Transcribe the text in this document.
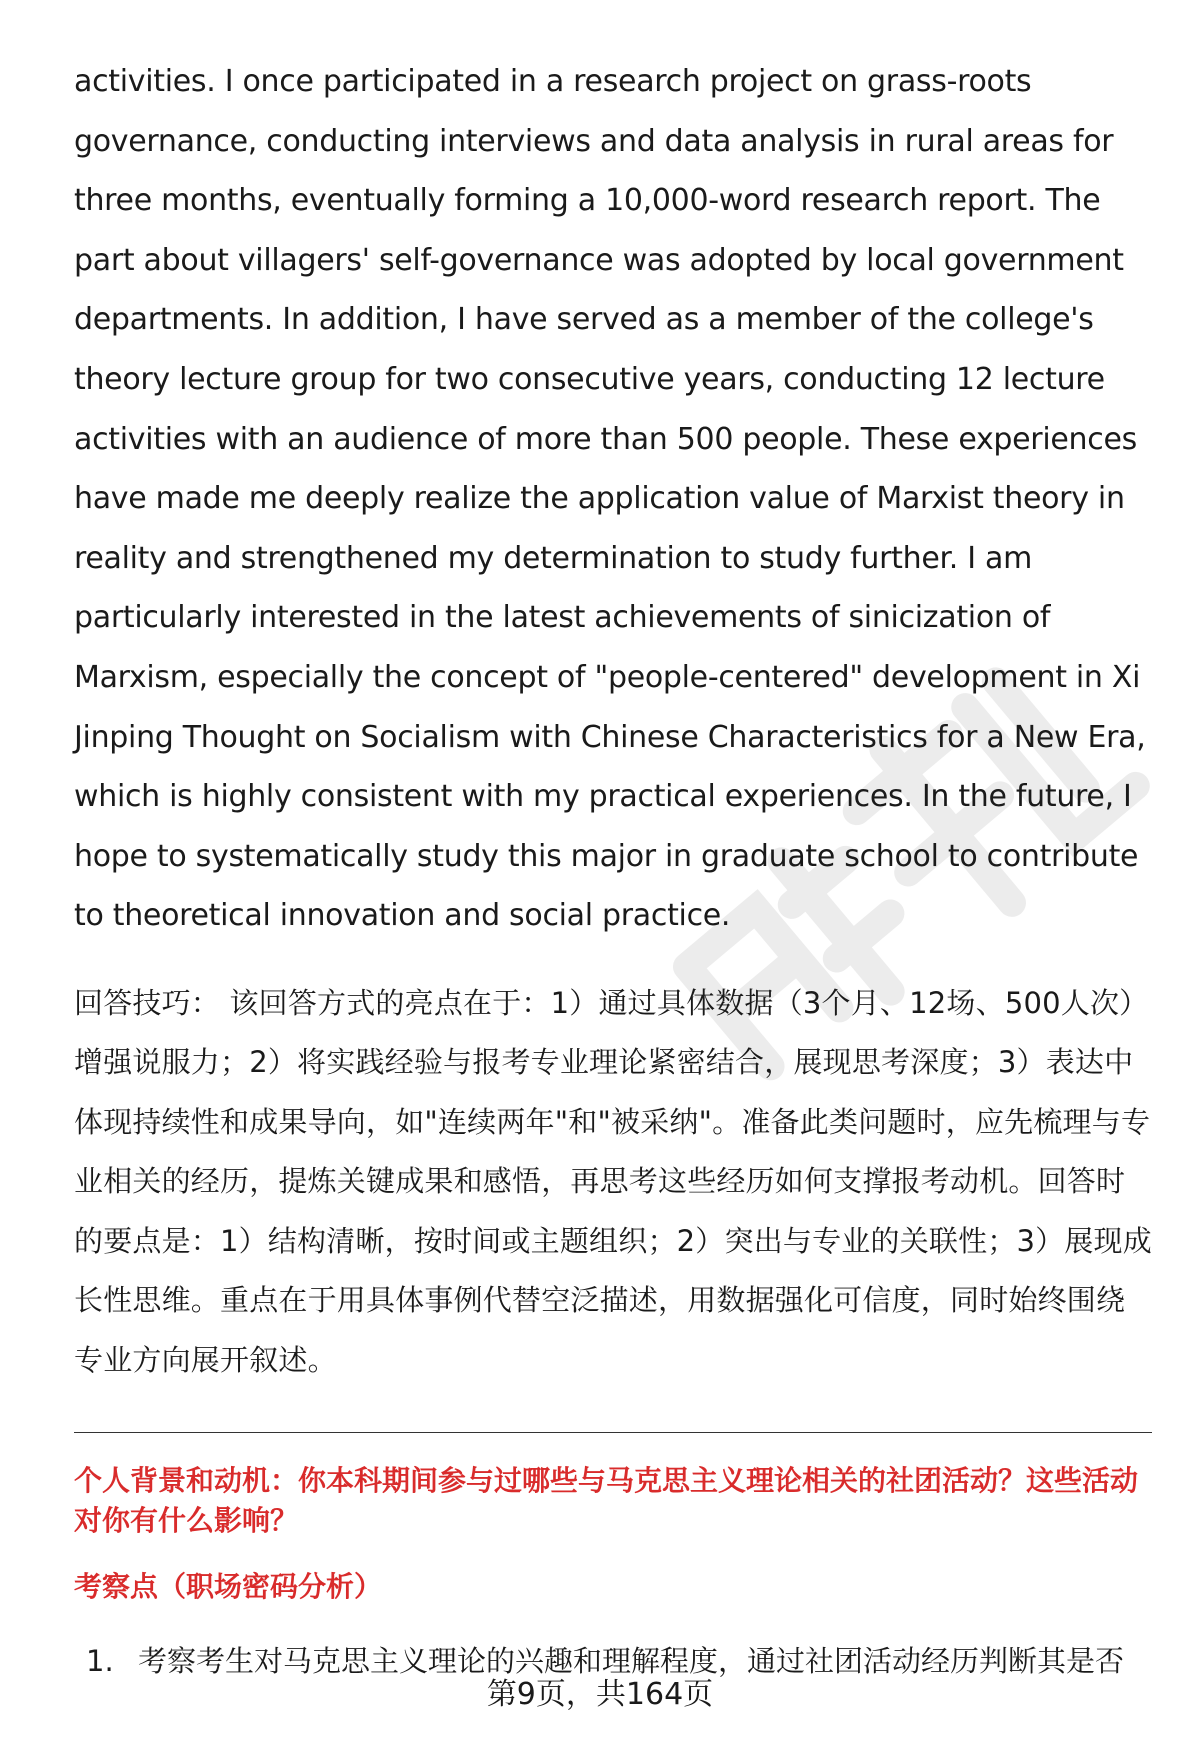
activities. I once participated in a research project on grass-roots governance, conducting interviews and data analysis in rural areas for three months, eventually forming a 10,000-word research report. The part about villagers' self-governance was adopted by local government departments. In addition, I have served as a member of the college's theory lecture group for two consecutive years, conducting 12 lecture activities with an audience of more than 500 people. These experiences have made me deeply realize the application value of Marxist theory in reality and strengthened my determination to study further. I am particularly interested in the latest achievements of sinicization of Marxism, especially the concept of "people-centered" development in Xi Jinping Thought on Socialism with Chinese Characteristics for a New Era, which is highly consistent with my practical experiences. In the future, I hope to systematically study this major in graduate school to contribute to theoretical innovation and social practice.

回答技巧： 该回答方式的亮点在于：1）通过具体数据（3个月、12场、500人次）增强说服力；2）将实践经验与报考专业理论紧密结合，展现思考深度；3）表达中体现持续性和成果导向，如"连续两年"和"被采纳"。准备此类问题时，应先梳理与专业相关的经历，提炼关键成果和感悟，再思考这些经历如何支撑报考动机。回答时的要点是：1）结构清晰，按时间或主题组织；2）突出与专业的关联性；3）展现成长性思维。重点在于用具体事例代替空泛描述，用数据强化可信度，同时始终围绕专业方向展开叙述。

个人背景和动机：你本科期间参与过哪些与马克思主义理论相关的社团活动？这些活动对你有什么影响？
考察点（职场密码分析）
1. 考察考生对马克思主义理论的兴趣和理解程度，通过社团活动经历判断其是否
第9页，共164页
